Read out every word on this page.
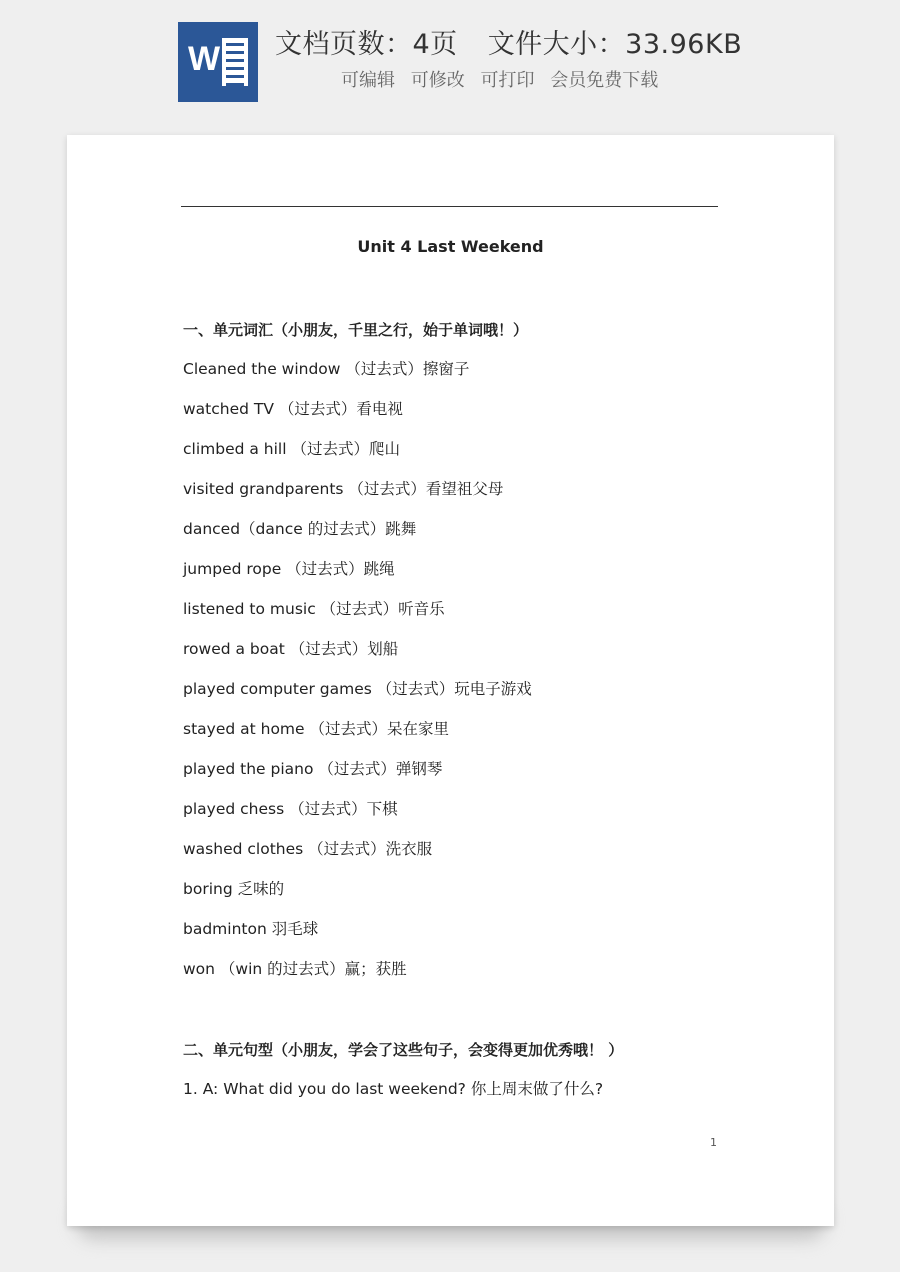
W 文档页数：4页 文件大小：33.96KB
可编辑 可修改 可打印 会员免费下载
Unit 4 Last Weekend
一、单元词汇（小朋友，千里之行，始于单词哦！）
Cleaned the window （过去式）擦窗子
watched TV （过去式）看电视
climbed a hill （过去式）爬山
visited grandparents （过去式）看望祖父母
danced（dance 的过去式）跳舞
jumped rope （过去式）跳绳
listened to music （过去式）听音乐
rowed a boat （过去式）划船
played computer games （过去式）玩电子游戏
stayed at home （过去式）呆在家里
played the piano （过去式）弹钢琴
played chess （过去式）下棋
washed clothes （过去式）洗衣服
boring 乏味的
badminton 羽毛球
won （win 的过去式）赢；获胜
二、单元句型（小朋友，学会了这些句子，会变得更加优秀哦！ ）
1. A: What did you do last weekend? 你上周末做了什么?
1
